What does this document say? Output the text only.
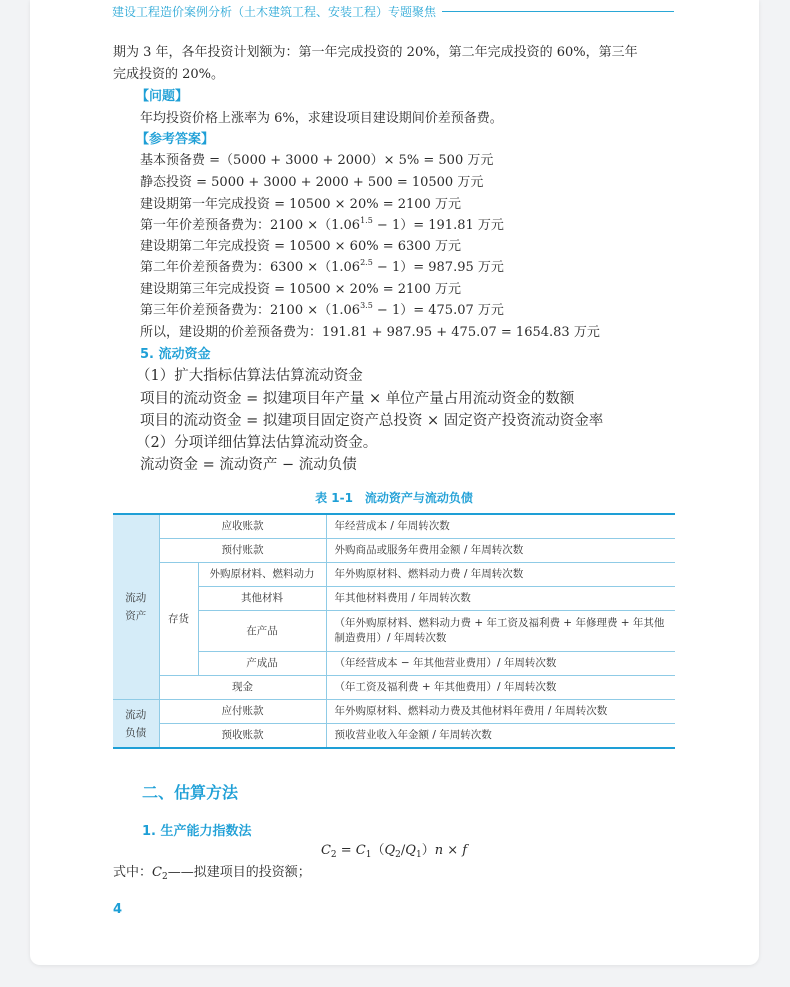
建设工程造价案例分析（土木建筑工程、安装工程）专题聚焦
期为 3 年，各年投资计划额为：第一年完成投资的 20%，第二年完成投资的 60%，第三年
完成投资的 20%。
【问题】
年均投资价格上涨率为 6%，求建设项目建设期间价差预备费。
【参考答案】
基本预备费 =（5000 + 3000 + 2000）× 5% = 500 万元
静态投资 = 5000 + 3000 + 2000 + 500 = 10500 万元
建设期第一年完成投资 = 10500 × 20% = 2100 万元
第一年价差预备费为：$2100 \times(1.06^{1.5} - 1)= 191.81$ 万元
建设期第二年完成投资 = 10500 × 60% = 6300 万元
第二年价差预备费为：$6300 \times(1.06^{2.5} - 1)= 987.95$ 万元
建设期第三年完成投资 = 10500 × 20% = 2100 万元
第三年价差预备费为：$2100 \times(1.06^{3.5} - 1)= 475.07$ 万元
所以，建设期的价差预备费为：191.81 + 987.95 + 475.07 = 1654.83 万元
5. 流动资金
（1）扩大指标估算法估算流动资金
项目的流动资金 = 拟建项目年产量 × 单位产量占用流动资金的数额
项目的流动资金 = 拟建项目固定资产总投资 × 固定资产投资流动资金率
（2）分项详细估算法估算流动资金。
流动资金 = 流动资产 − 流动负债
表 1-1　流动资产与流动负债
流动资产	应收账款		年经营成本 / 年周转次数
	预付账款		外购商品或服务年费用金额 / 年周转次数
	存货	外购原材料、燃料动力	年外购原材料、燃料动力费 / 年周转次数
		其他材料	年其他材料费用 / 年周转次数
		在产品	（年外购原材料、燃料动力费 + 年工资及福利费 + 年修理费 + 年其他
制造费用）/ 年周转次数
		产成品	（年经营成本 − 年其他营业费用）/ 年周转次数
	现金		（年工资及福利费 + 年其他费用）/ 年周转次数
流动负债	应付账款		年外购原材料、燃料动力费及其他材料年费用 / 年周转次数
	预收账款		预收营业收入年金额 / 年周转次数
二、估算方法
1. 生产能力指数法
$C_2 = C_1(Q_2/Q_1)n \times f$
式中：$C_2——$拟建项目的投资额；
4
